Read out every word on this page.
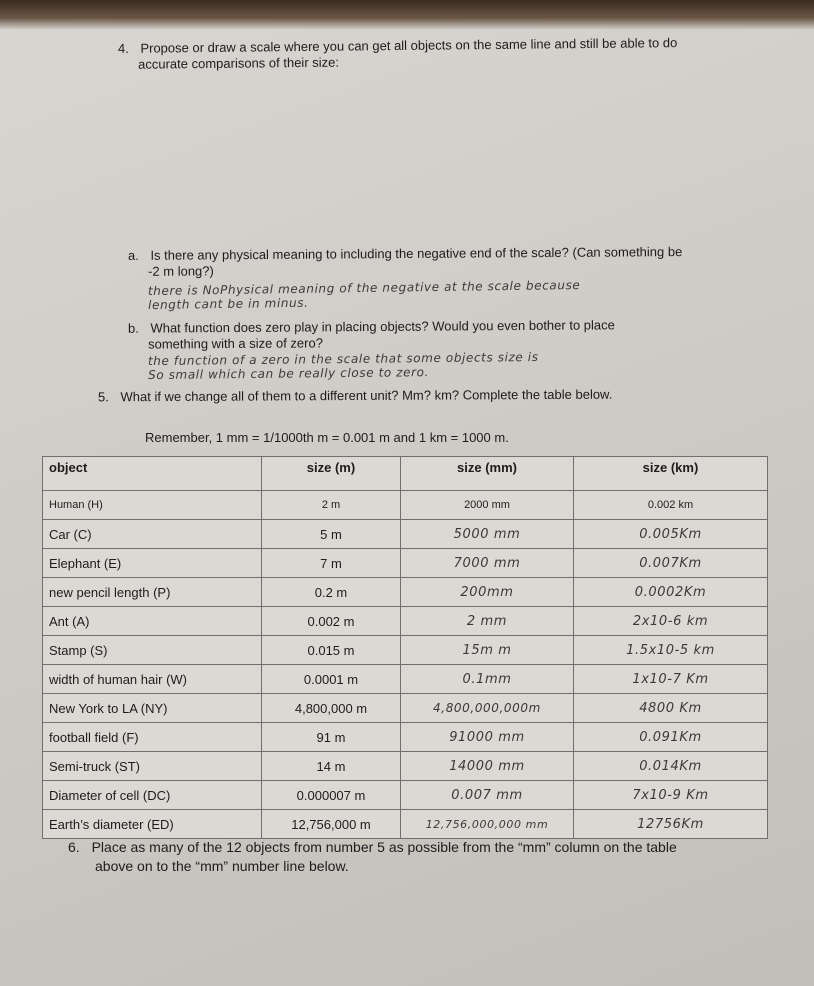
4. Propose or draw a scale where you can get all objects on the same line and still be able to do
accurate comparisons of their size:
a. Is there any physical meaning to including the negative end of the scale? (Can something be
-2 m long?)
there is NoPhysical meaning of the negative at the scale because
length cant be in minus.
b. What function does zero play in placing objects? Would you even bother to place
something with a size of zero?
the function of a zero in the scale that some objects size is
So small which can be really close to zero.
5. What if we change all of them to a different unit? Mm? km? Complete the table below.
Remember, 1 mm = 1/1000th m = 0.001 m and 1 km = 1000 m.
object	size (m)	size (mm)	size (km)
Human (H)	2 m	2000 mm	0.002 km
Car (C)	5 m	5000 mm	0.005Km
Elephant (E)	7 m	7000 mm	0.007Km
new pencil length (P)	0.2 m	200mm	0.0002Km
Ant (A)	0.002 m	2 mm	2x10-6 km
Stamp (S)	0.015 m	15m m	1.5x10-5 km
width of human hair (W)	0.0001 m	0.1mm	1x10-7 Km
New York to LA (NY)	4,800,000 m	4,800,000,000m	4800 Km
football field (F)	91 m	91000 mm	0.091Km
Semi-truck (ST)	14 m	14000 mm	0.014Km
Diameter of cell (DC)	0.000007 m	0.007 mm	7x10-9 Km
Earth’s diameter (ED)	12,756,000 m	12,756,000,000 mm	12756Km
6. Place as many of the 12 objects from number 5 as possible from the “mm” column on the table
above on to the “mm” number line below.
